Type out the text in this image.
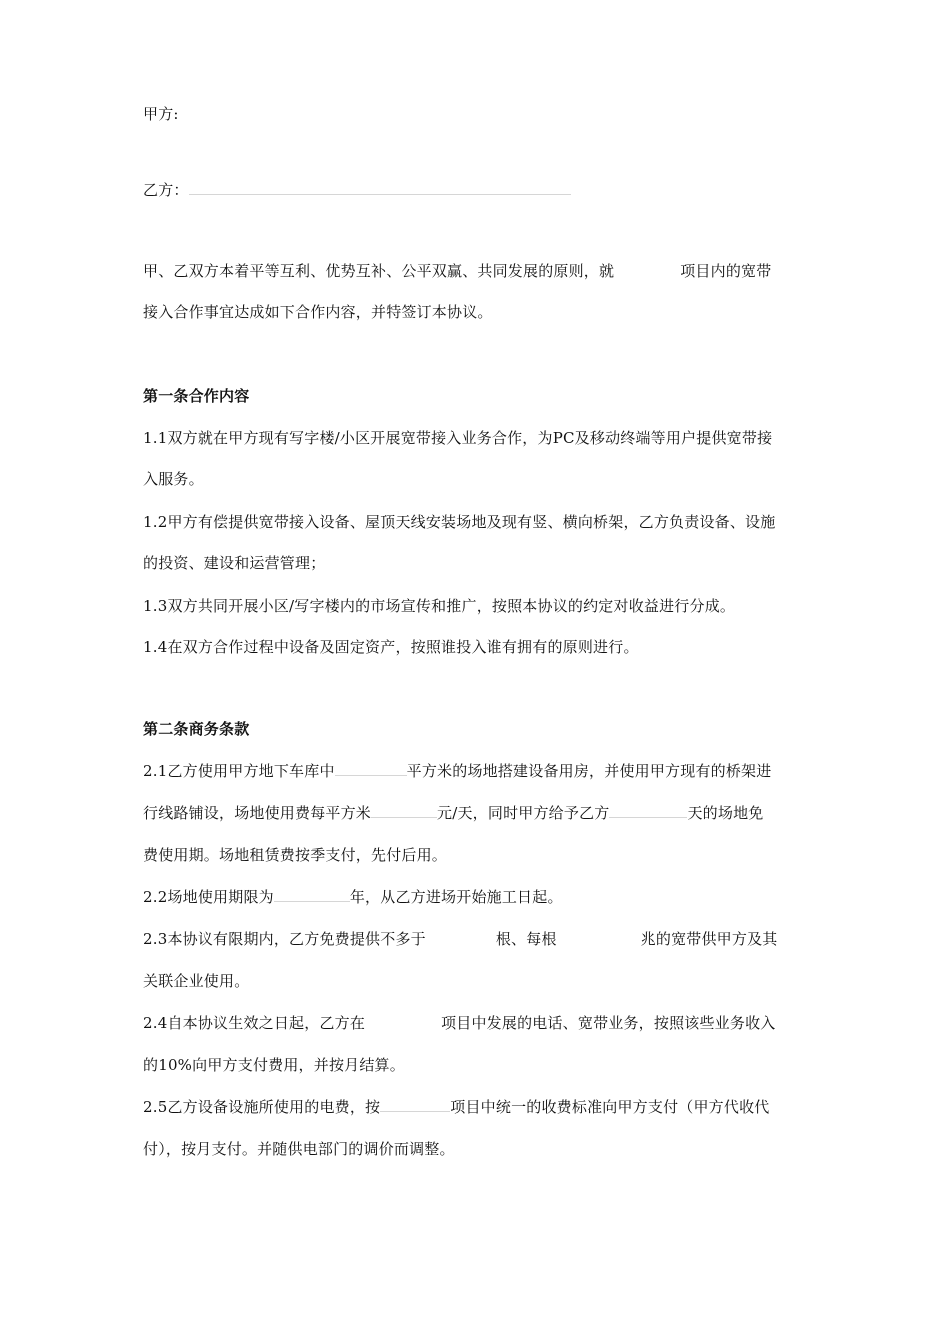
甲方:
乙方：
甲、乙双方本着平等互利、优势互补、公平双赢、共同发展的原则，就	项目内的宽带
接入合作事宜达成如下合作内容，并特签订本协议。
第一条合作内容
1.1双方就在甲方现有写字楼/小区开展宽带接入业务合作，为PC及移动终端等用户提供宽带接
入服务。
1.2甲方有偿提供宽带接入设备、屋顶天线安装场地及现有竖、横向桥架，乙方负责设备、设施
的投资、建设和运营管理；
1.3双方共同开展小区/写字楼内的市场宣传和推广，按照本协议的约定对收益进行分成。
1.4在双方合作过程中设备及固定资产，按照谁投入谁有拥有的原则进行。
第二条商务条款
2.1乙方使用甲方地下车库中	平方米的场地搭建设备用房，并使用甲方现有的桥架进
行线路铺设，场地使用费每平方米	元/天，同时甲方给予乙方	天的场地免
费使用期。场地租赁费按季支付，先付后用。
2.2场地使用期限为	年，从乙方进场开始施工日起。
2.3本协议有限期内，乙方免费提供不多于	根、每根	兆的宽带供甲方及其
关联企业使用。
2.4自本协议生效之日起，乙方在	项目中发展的电话、宽带业务，按照该些业务收入
的10%向甲方支付费用，并按月结算。
2.5乙方设备设施所使用的电费，按	项目中统一的收费标准向甲方支付（甲方代收代
付），按月支付。并随供电部门的调价而调整。
